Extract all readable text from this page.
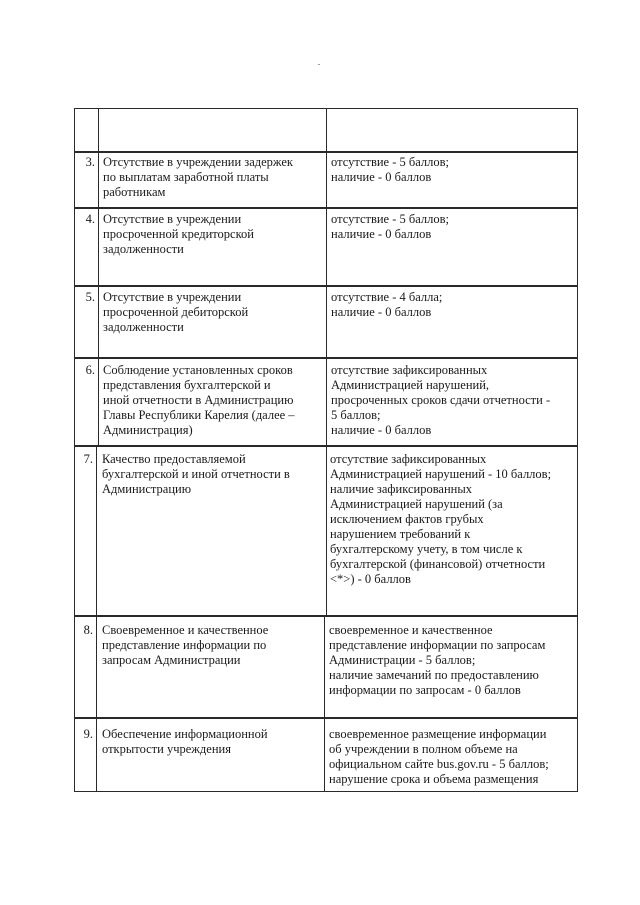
3. Отсутствие в учреждении задержек
по выплатам заработной платы
работникам
отсутствие - 5 баллов;
наличие - 0 баллов
4. Отсутствие в учреждении
просроченной кредиторской
задолженности
отсутствие - 5 баллов;
наличие - 0 баллов
5. Отсутствие в учреждении
просроченной дебиторской
задолженности
отсутствие - 4 балла;
наличие - 0 баллов
6. Соблюдение установленных сроков
представления бухгалтерской и
иной отчетности в Администрацию
Главы Республики Карелия (далее –
Администрация)
отсутствие зафиксированных
Администрацией нарушений,
просроченных сроков сдачи отчетности -
5 баллов;
наличие - 0 баллов
7. Качество предоставляемой
бухгалтерской и иной отчетности в
Администрацию
отсутствие зафиксированных
Администрацией нарушений - 10 баллов;
наличие зафиксированных
Администрацией нарушений (за
исключением фактов грубых
нарушением требований к
бухгалтерскому учету, в том числе к
бухгалтерской (финансовой) отчетности
<*>) - 0 баллов
8. Своевременное и качественное
представление информации по
запросам Администрации
своевременное и качественное
представление информации по запросам
Администрации - 5 баллов;
наличие замечаний по предоставлению
информации по запросам - 0 баллов
9. Обеспечение информационной
открытости учреждения
своевременное размещение информации
об учреждении в полном объеме на
официальном сайте bus.gov.ru - 5 баллов;
нарушение срока и объема размещения
